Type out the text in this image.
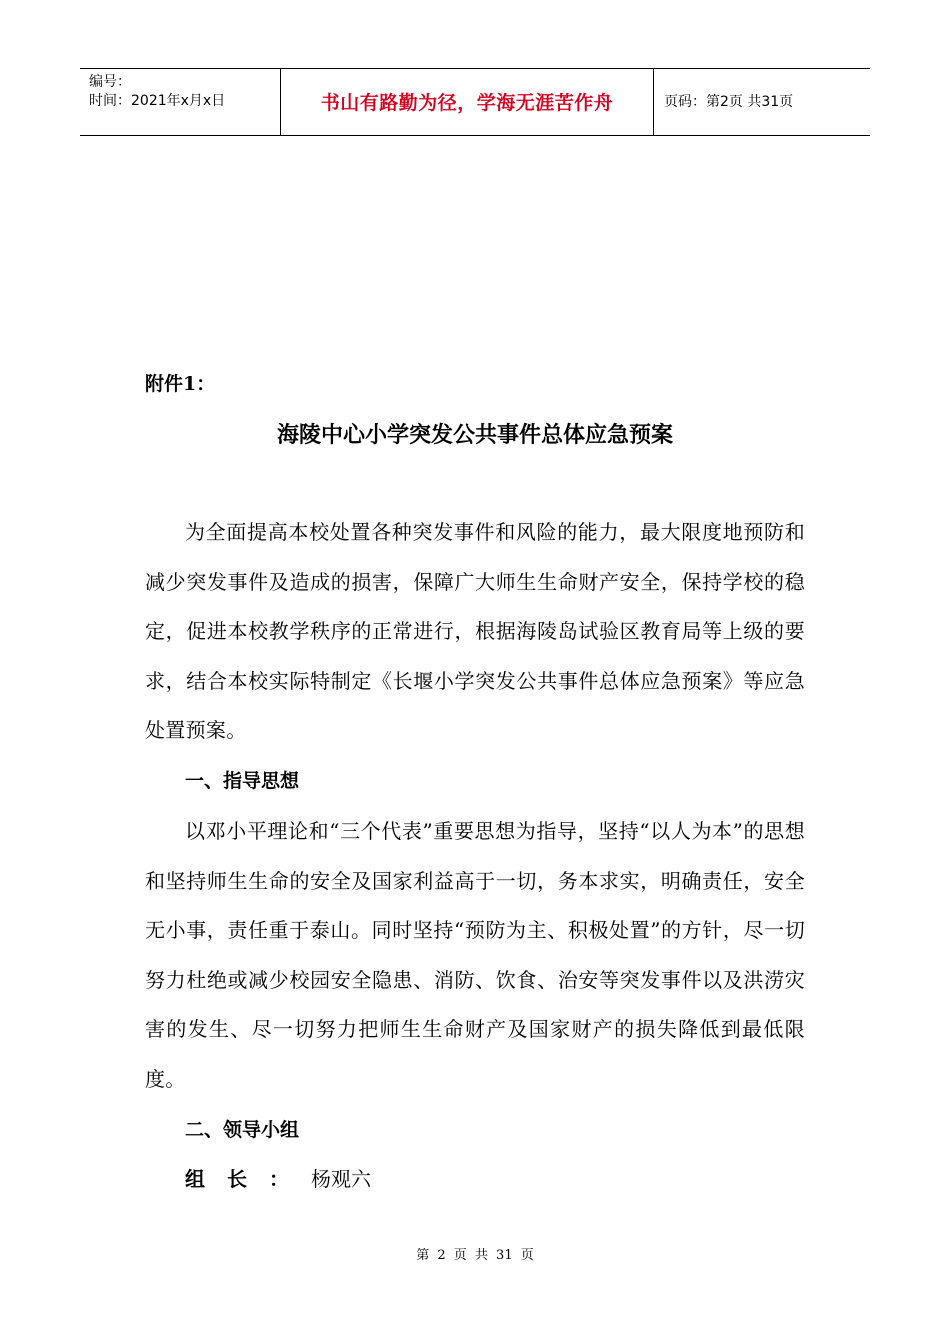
编号：
时间：2021年x月x日	书山有路勤为径，学海无涯苦作舟	页码：第2页 共31页
附件1：
海陵中心小学突发公共事件总体应急预案

为全面提高本校处置各种突发事件和风险的能力，最大限度地预防和减少突发事件及造成的损害，保障广大师生生命财产安全，保持学校的稳定，促进本校教学秩序的正常进行，根据海陵岛试验区教育局等上级的要求，结合本校实际特制定《长堰小学突发公共事件总体应急预案》等应急处置预案。

一、指导思想

以邓小平理论和“三个代表”重要思想为指导，坚持“以人为本”的思想和坚持师生生命的安全及国家利益高于一切，务本求实，明确责任，安全无小事，责任重于泰山。同时坚持“预防为主、积极处置”的方针，尽一切努力杜绝或减少校园安全隐患、消防、饮食、治安等突发事件以及洪涝灾害的发生、尽一切努力把师生生命财产及国家财产的损失降低到最低限度。

二、领导小组
组长：杨观六
第 2 页 共 31 页
